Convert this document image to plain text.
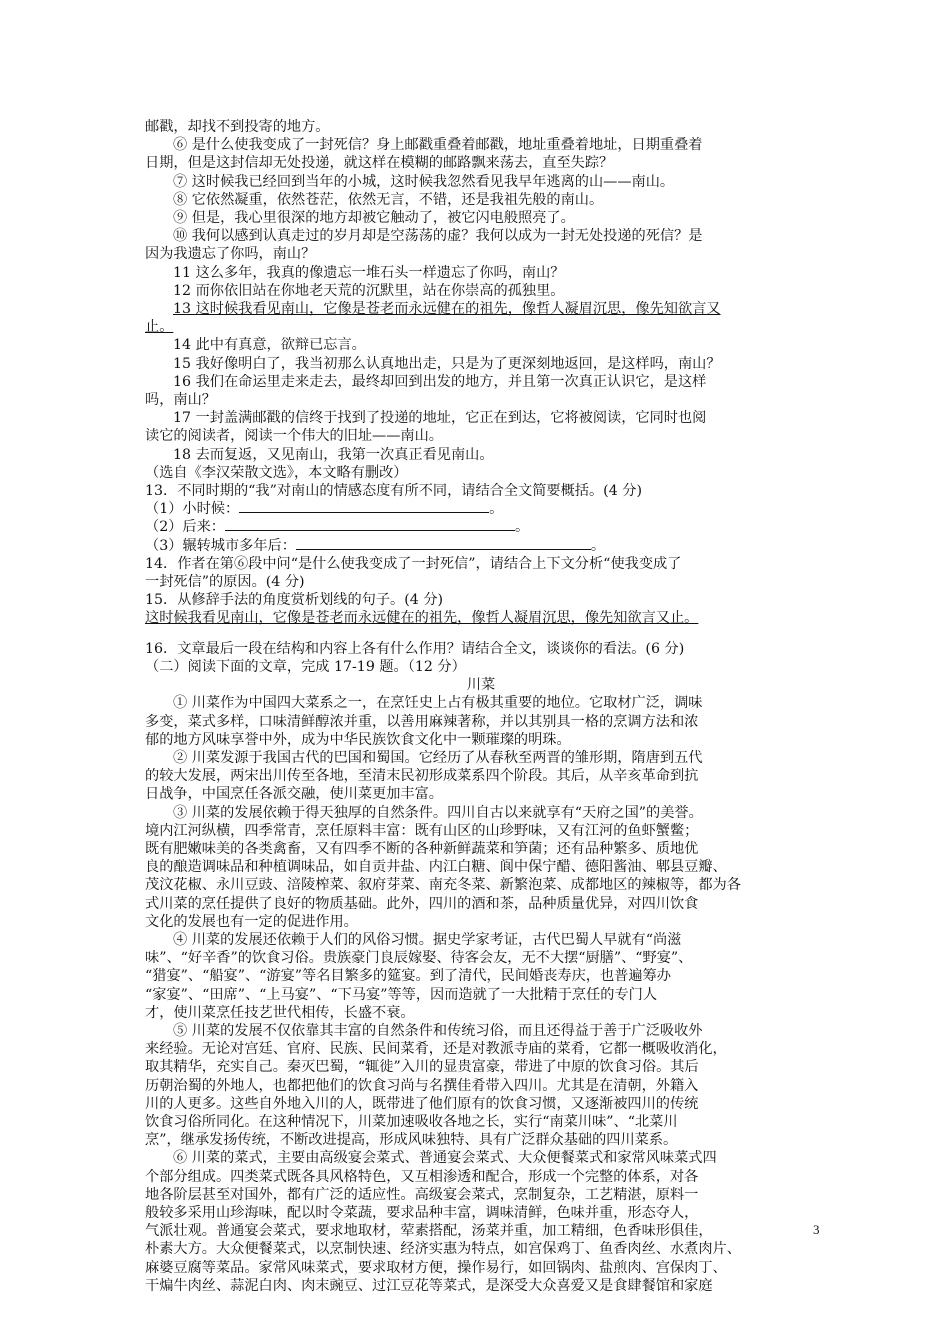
邮戳，却找不到投寄的地方。
⑥ 是什么使我变成了一封死信？身上邮戳重叠着邮戳，地址重叠着地址，日期重叠着
日期，但是这封信却无处投递，就这样在模糊的邮路飘来荡去，直至失踪？
⑦ 这时候我已经回到当年的小城，这时候我忽然看见我早年逃离的山——南山。
⑧ 它依然凝重，依然苍茫，依然无言，不错，还是我祖先般的南山。
⑨ 但是，我心里很深的地方却被它触动了，被它闪电般照亮了。
⑩ 我何以感到认真走过的岁月却是空荡荡的虚？我何以成为一封无处投递的死信？是
因为我遗忘了你吗，南山？
11 这么多年，我真的像遗忘一堆石头一样遗忘了你吗，南山？
12 而你依旧站在你地老天荒的沉默里，站在你崇高的孤独里。
13 这时候我看见南山，它像是苍老而永远健在的祖先，像哲人凝眉沉思，像先知欲言又
止。
14 此中有真意，欲辩已忘言。
15 我好像明白了，我当初那么认真地出走，只是为了更深刻地返回，是这样吗，南山？
16 我们在命运里走来走去，最终却回到出发的地方，并且第一次真正认识它，是这样
吗，南山？
17 一封盖满邮戳的信终于找到了投递的地址，它正在到达，它将被阅读，它同时也阅
读它的阅读者，阅读一个伟大的旧址——南山。
18 去而复返，又见南山，我第一次真正看见南山。
（选自《李汉荣散文选》，本文略有删改）
13．不同时期的“我”对南山的情感态度有所不同，请结合全文简要概括。(4 分)
（1）小时候：	。
（2）后来：	。
（3）辗转城市多年后：	。
14．作者在第⑥段中问“是什么使我变成了一封死信”，请结合上下文分析“使我变成了
一封死信”的原因。(4 分)
15．从修辞手法的角度赏析划线的句子。(4 分)
这时候我看见南山，它像是苍老而永远健在的祖先，像哲人凝眉沉思，像先知欲言又止。
16．文章最后一段在结构和内容上各有什么作用？请结合全文，谈谈你的看法。(6 分)
（二）阅读下面的文章，完成 17-19 题。（12 分）
川菜
① 川菜作为中国四大菜系之一，在烹饪史上占有极其重要的地位。它取材广泛，调味
多变，菜式多样，口味清鲜醇浓并重，以善用麻辣著称，并以其别具一格的烹调方法和浓
郁的地方风味享誉中外，成为中华民族饮食文化中一颗璀璨的明珠。
② 川菜发源于我国古代的巴国和蜀国。它经历了从春秋至两晋的雏形期，隋唐到五代
的较大发展，两宋出川传至各地，至清末民初形成菜系四个阶段。其后，从辛亥革命到抗
日战争，中国烹任各派交融，使川菜更加丰富。
③ 川菜的发展依赖于得天独厚的自然条件。四川自古以来就享有“天府之国”的美誉。
境内江河纵横，四季常青，烹任原料丰富：既有山区的山珍野味，又有江河的鱼虾蟹鳖；
既有肥嫩味美的各类禽畜，又有四季不断的各种新鲜蔬菜和笋菌；还有品种繁多、质地优
良的酿造调味品和种植调味品，如自贡井盐、内江白糖、阆中保宁醋、德阳酱油、郫县豆瓣、
茂汶花椒、永川豆豉、涪陵榨菜、叙府芽菜、南充冬菜、新繁泡菜、成都地区的辣椒等，都为各
式川菜的烹任提供了良好的物质基础。此外，四川的酒和茶，品种质量优异，对四川饮食
文化的发展也有一定的促进作用。
④ 川菜的发展还依赖于人们的风俗习惯。据史学家考证，古代巴蜀人早就有“尚滋
味”、“好辛香”的饮食习俗。贵族豪门良辰嫁娶、待客会友，无不大摆“厨膳”、“野宴”、
“猎宴”、“船宴”、“游宴”等名目繁多的筵宴。到了清代，民间婚丧寿庆，也普遍筹办
“家宴”、“田席”、“上马宴”、“下马宴”等等，因而造就了一大批精于烹任的专门人
才，使川菜烹任技艺世代相传，长盛不衰。
⑤ 川菜的发展不仅依靠其丰富的自然条件和传统习俗，而且还得益于善于广泛吸收外
来经验。无论对宫廷、官府、民族、民间菜肴，还是对教派寺庙的菜肴，它都一概吸收消化，
取其精华，充实自己。秦灭巴蜀，“辄徙”入川的显贵富豪，带进了中原的饮食习俗。其后
历朝治蜀的外地人，也都把他们的饮食习尚与名撰佳肴带入四川。尤其是在清朝，外籍入
川的人更多。这些自外地入川的人，既带进了他们原有的饮食习惯，又逐渐被四川的传统
饮食习俗所同化。在这种情况下，川菜加速吸收各地之长，实行“南菜川味”、“北菜川
烹”，继承发扬传统，不断改进提高，形成风味独特、具有广泛群众基础的四川菜系。
⑥ 川菜的菜式，主要由高级宴会菜式、普通宴会菜式、大众便餐菜式和家常风味菜式四
个部分组成。四类菜式既各具风格特色，又互相渗透和配合，形成一个完整的体系，对各
地各阶层甚至对国外，都有广泛的适应性。高级宴会菜式，烹制复杂，工艺精湛，原料一
般较多采用山珍海味，配以时令菜蔬，要求品种丰富，调味清鲜，色味并重，形态夺人，
气派壮观。普通宴会菜式，要求地取材，荤素搭配，汤菜并重，加工精细，色香味形俱佳，
朴素大方。大众便餐菜式，以烹制快速、经济实惠为特点，如宫保鸡丁、鱼香肉丝、水煮肉片、
麻婆豆腐等菜品。家常风味菜式，要求取材方便，操作易行，如回锅肉、盐煎肉、宫保肉丁、
干煸牛肉丝、蒜泥白肉、肉末豌豆、过江豆花等菜式，是深受大众喜爱又是食肆餐馆和家庭
3
